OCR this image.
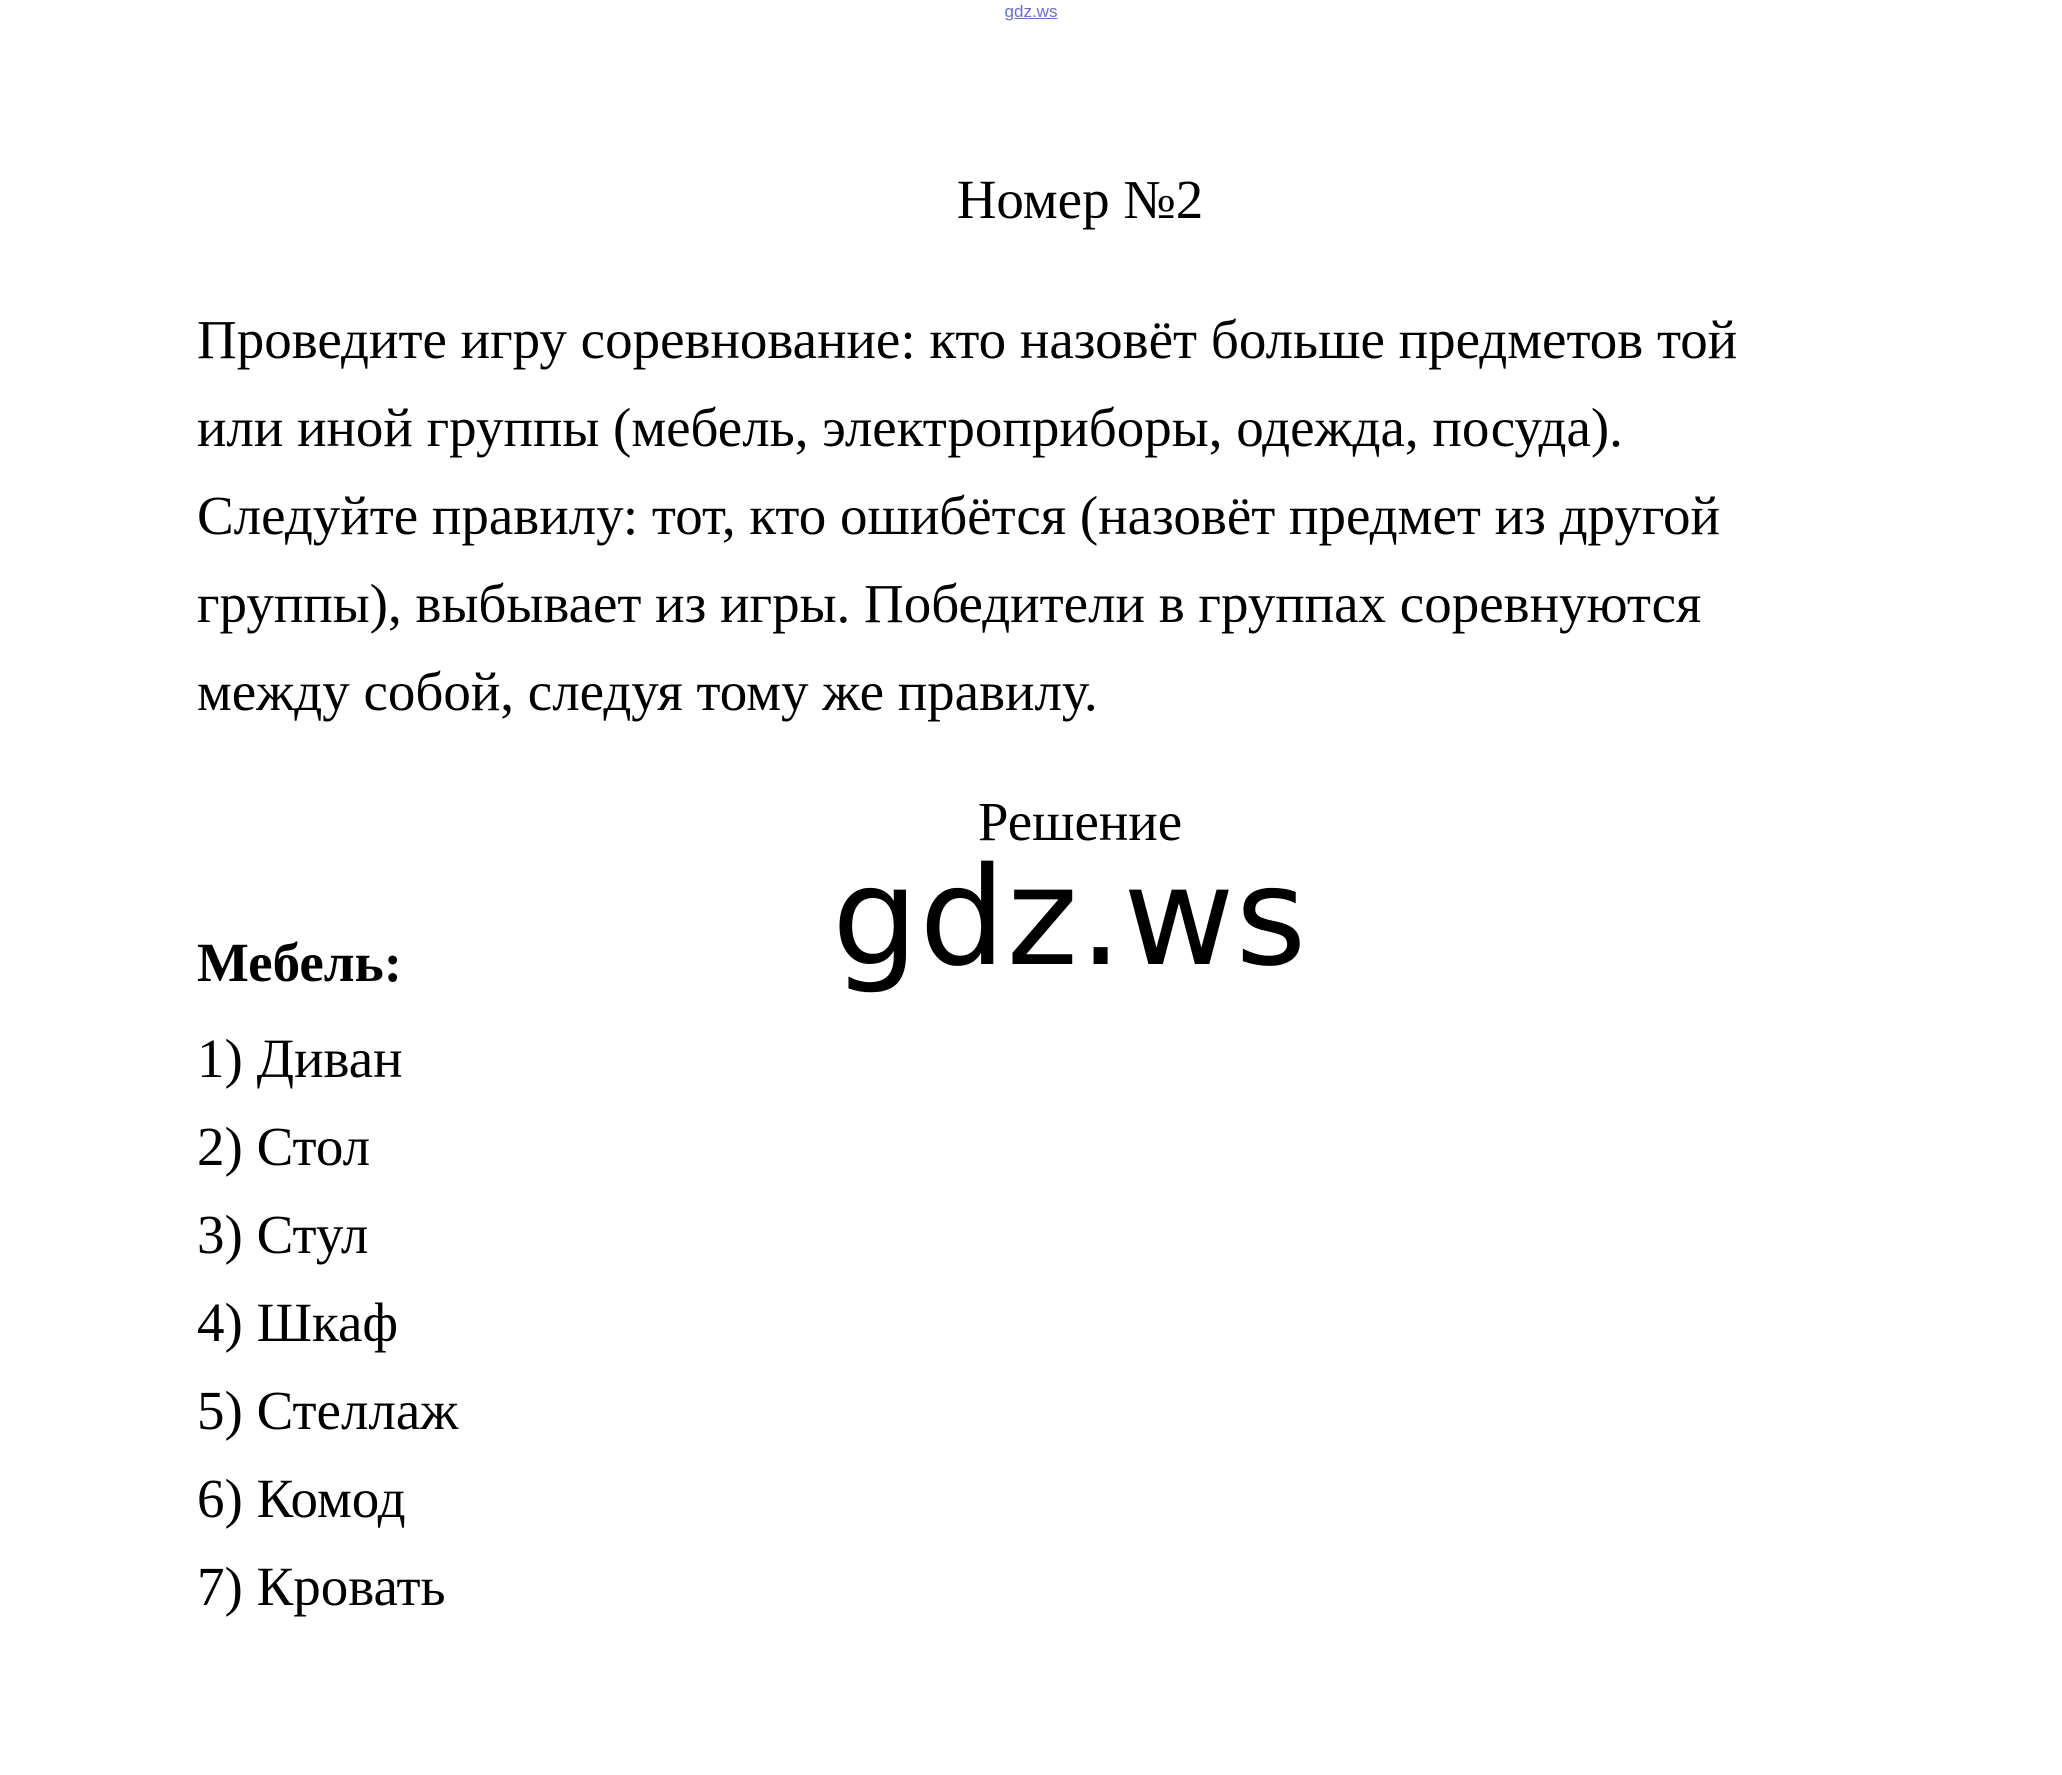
gdz.ws
Номер №2
Проведите игру соревнование: кто назовёт больше предметов той
или иной группы (мебель, электроприборы, одежда, посуда).
Следуйте правилу: тот, кто ошибётся (назовёт предмет из другой
группы), выбывает из игры. Победители в группах соревнуются
между собой, следуя тому же правилу.
Решение
gdz.ws
Мебель:
1) Диван
2) Стол
3) Стул
4) Шкаф
5) Стеллаж
6) Комод
7) Кровать
